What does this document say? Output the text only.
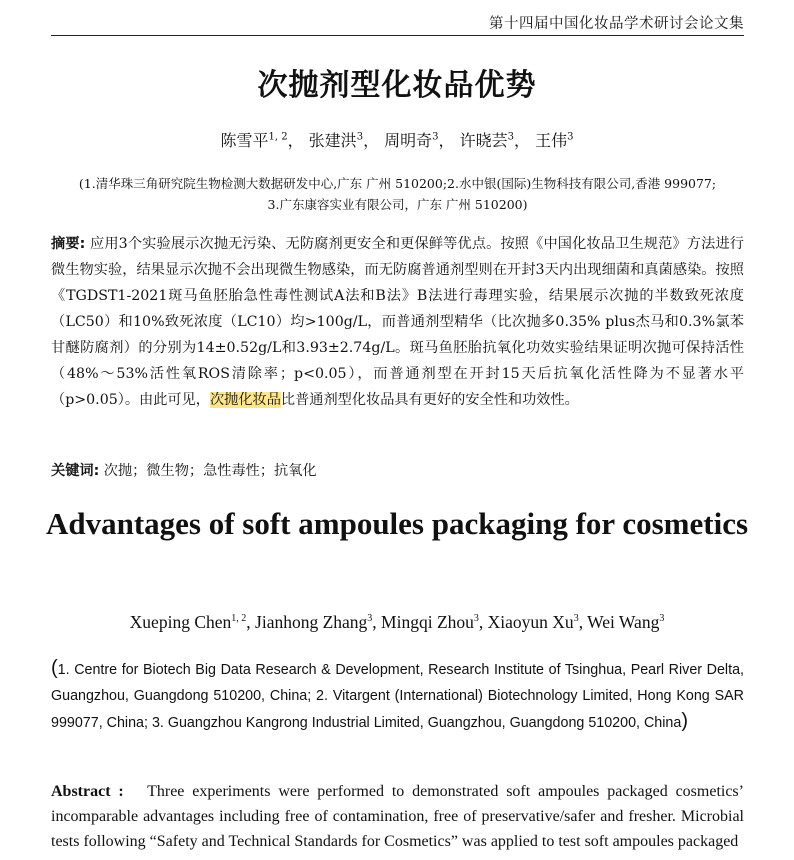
第十四届中国化妆品学术研讨会论文集
次抛剂型化妆品优势
陈雪平$^{1, 2}$， 张建洪$^3$， 周明奇$^3$， 许晓芸$^3$， 王伟$^3$
(1.清华珠三角研究院生物检测大数据研发中心,广东 广州 510200;2.水中银(国际)生物科技有限公司,香港 999077;
3.广东康容实业有限公司，广东 广州 510200)
摘要: 应用3个实验展示次抛无污染、无防腐剂更安全和更保鲜等优点。按照《中国化妆品卫生规范》方法进行微生物实验，结果显示次抛不会出现微生物感染，而无防腐普通剂型则在开封3天内出现细菌和真菌感染。按照《TGDST1-2021斑马鱼胚胎急性毒性测试A法和B法》B法进行毒理实验，结果展示次抛的半数致死浓度（LC50）和10%致死浓度（LC10）均>100g/L，而普通剂型精华（比次抛多0.35% plus杰马和0.3%氯苯甘醚防腐剂）的分别为14±0.52g/L和3.93±2.74g/L。斑马鱼胚胎抗氧化功效实验结果证明次抛可保持活性（48%～53%活性氧ROS清除率；p<0.05），而普通剂型在开封15天后抗氧化活性降为不显著水平（p>0.05）。由此可见，次抛化妆品比普通剂型化妆品具有更好的安全性和功效性。
关键词: 次抛；微生物；急性毒性；抗氧化
Advantages of soft ampoules packaging for cosmetics
Xueping Chen$^{1, 2}$, Jianhong Zhang$^3$, Mingqi Zhou$^3$, Xiaoyun Xu$^3$, Wei Wang$^3$
(1. Centre for Biotech Big Data Research & Development, Research Institute of Tsinghua, Pearl River Delta, Guangzhou, Guangdong 510200, China; 2. Vitargent (International) Biotechnology Limited, Hong Kong SAR 999077, China; 3. Guangzhou Kangrong Industrial Limited, Guangzhou, Guangdong 510200, China)
Abstract : Three experiments were performed to demonstrated soft ampoules packaged cosmetics’ incomparable advantages including free of contamination, free of preservative/safer and fresher. Microbial tests following “Safety and Technical Standards for Cosmetics” was applied to test soft ampoules packaged
